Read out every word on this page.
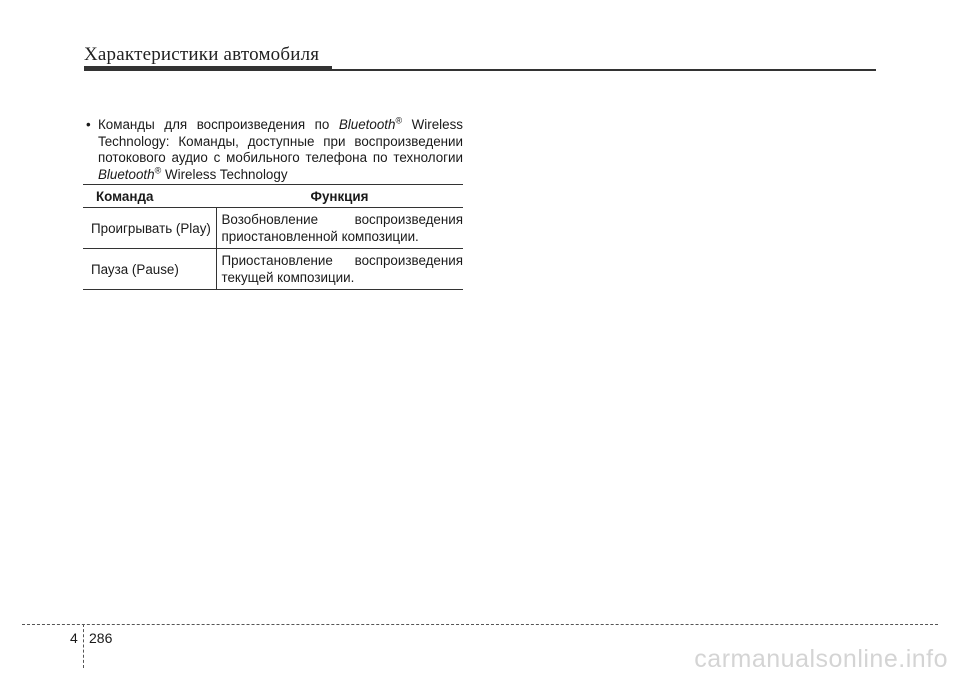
Характеристики автомобиля
• Команды для воспроизведения по Bluetooth® Wireless Technology: Команды, доступные при воспроизведении потокового аудио с мобильного телефона по технологии Bluetooth® Wireless Technology
Команда	Функция
Проигрывать (Play)	Возобновление воспроизведения
приостановленной композиции.
Пауза (Pause)	Приостановление воспроизведения
текущей композиции.
4 286
carmanualsonline.info
